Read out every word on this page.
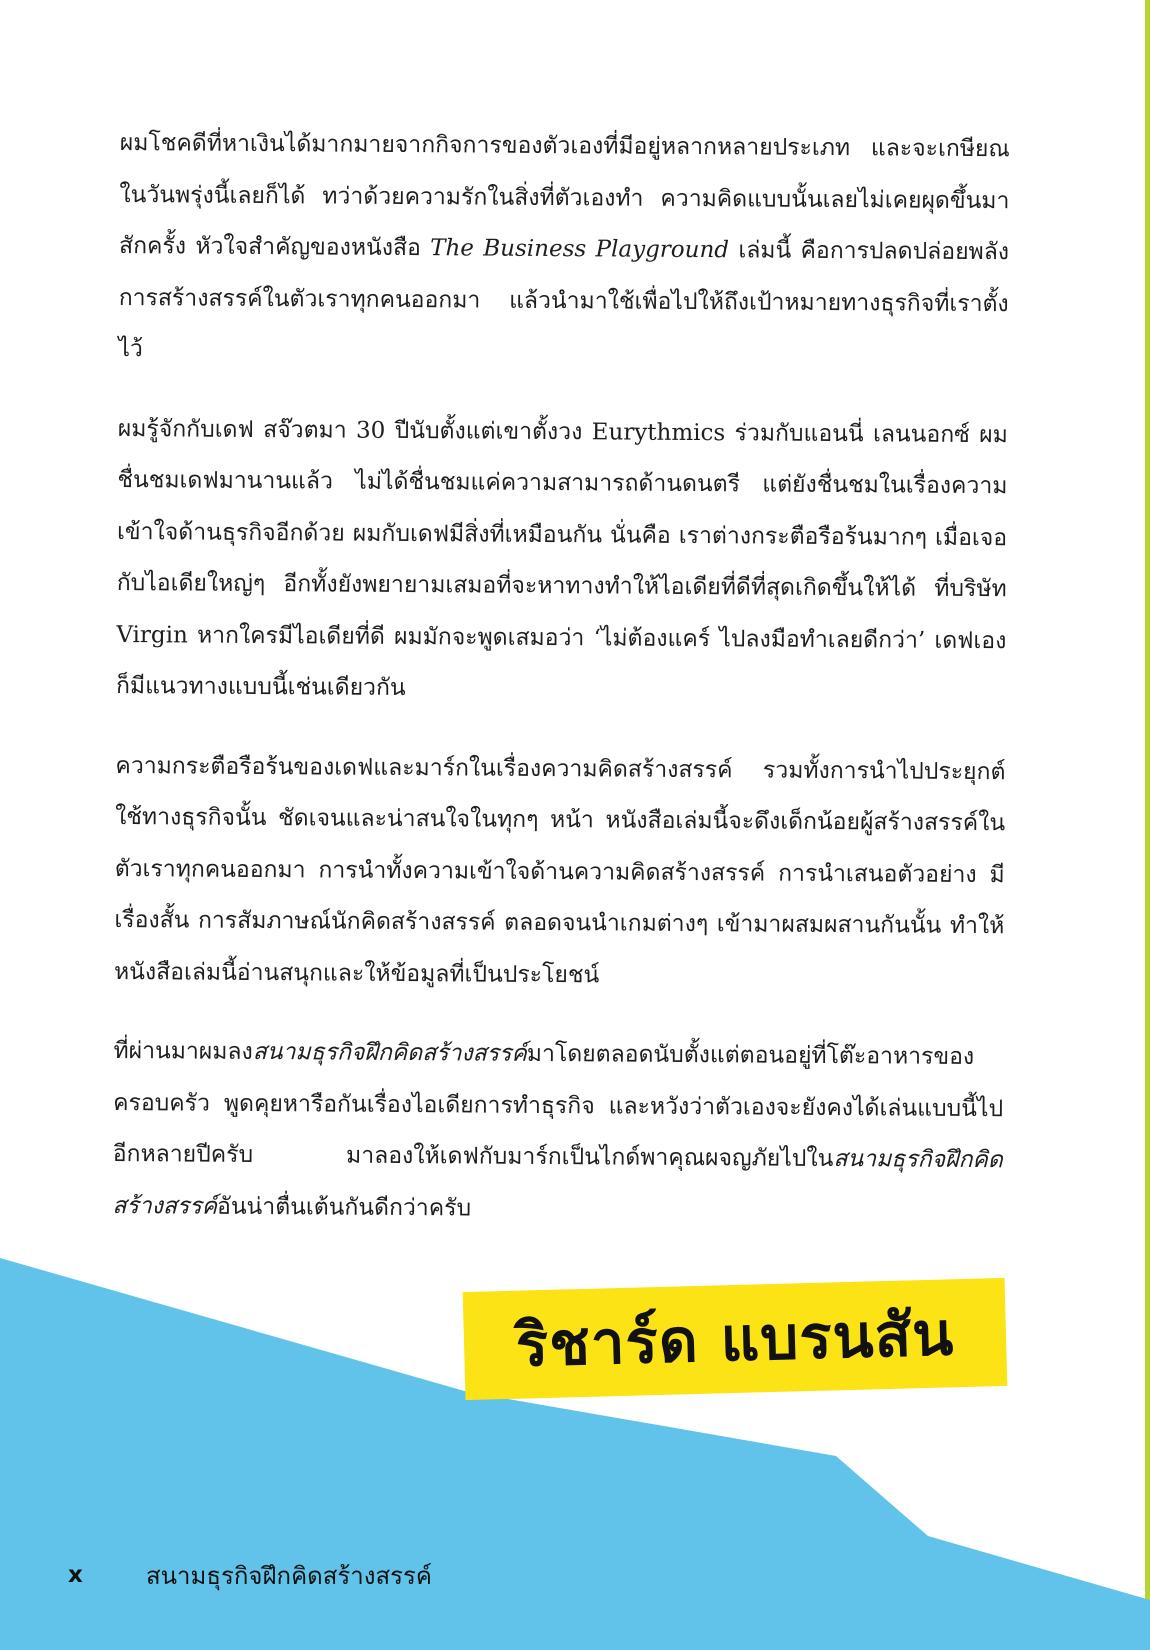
ผมโชคดีที่หาเงินได้มากมายจากกิจการของตัวเองที่มีอยู่หลากหลายประเภท และจะเกษียณในวันพรุ่งนี้เลยก็ได้ ทว่าด้วยความรักในสิ่งที่ตัวเองทำ ความคิดแบบนั้นเลยไม่เคยผุดขึ้นมาสักครั้ง หัวใจสำคัญของหนังสือ The Business Playground เล่มนี้ คือการปลดปล่อยพลังการสร้างสรรค์ในตัวเราทุกคนออกมา แล้วนำมาใช้เพื่อไปให้ถึงเป้าหมายทางธุรกิจที่เราตั้งไว้

ผมรู้จักกับเดฟ สจ๊วตมา 30 ปีนับตั้งแต่เขาตั้งวง Eurythmics ร่วมกับแอนนี่ เลนนอกซ์ ผมชื่นชมเดฟมานานแล้ว ไม่ได้ชื่นชมแค่ความสามารถด้านดนตรี แต่ยังชื่นชมในเรื่องความเข้าใจด้านธุรกิจอีกด้วย ผมกับเดฟมีสิ่งที่เหมือนกัน นั่นคือ เราต่างกระตือรือร้นมากๆ เมื่อเจอกับไอเดียใหญ่ๆ อีกทั้งยังพยายามเสมอที่จะหาทางทำให้ไอเดียที่ดีที่สุดเกิดขึ้นให้ได้ ที่บริษัท Virgin หากใครมีไอเดียที่ดี ผมมักจะพูดเสมอว่า ‘ไม่ต้องแคร์ ไปลงมือทำเลยดีกว่า’ เดฟเองก็มีแนวทางแบบนี้เช่นเดียวกัน

ความกระตือรือร้นของเดฟและมาร์กในเรื่องความคิดสร้างสรรค์ รวมทั้งการนำไปประยุกต์ใช้ทางธุรกิจนั้น ชัดเจนและน่าสนใจในทุกๆ หน้า หนังสือเล่มนี้จะดึงเด็กน้อยผู้สร้างสรรค์ในตัวเราทุกคนออกมา การนำทั้งความเข้าใจด้านความคิดสร้างสรรค์ การนำเสนอตัวอย่าง มีเรื่องสั้น การสัมภาษณ์นักคิดสร้างสรรค์ ตลอดจนนำเกมต่างๆ เข้ามาผสมผสานกันนั้น ทำให้หนังสือเล่มนี้อ่านสนุกและให้ข้อมูลที่เป็นประโยชน์

ที่ผ่านมาผมลงสนามธุรกิจฝึกคิดสร้างสรรค์มาโดยตลอดนับตั้งแต่ตอนอยู่ที่โต๊ะอาหารของครอบครัว พูดคุยหารือกันเรื่องไอเดียการทำธุรกิจ และหวังว่าตัวเองจะยังคงได้เล่นแบบนี้ไปอีกหลายปีครับ มาลองให้เดฟกับมาร์กเป็นไกด์พาคุณผจญภัยไปในสนามธุรกิจฝึกคิดสร้างสรรค์อันน่าตื่นเต้นกันดีกว่าครับ

ริชาร์ด แบรนสัน
x	สนามธุรกิจฝึกคิดสร้างสรรค์
